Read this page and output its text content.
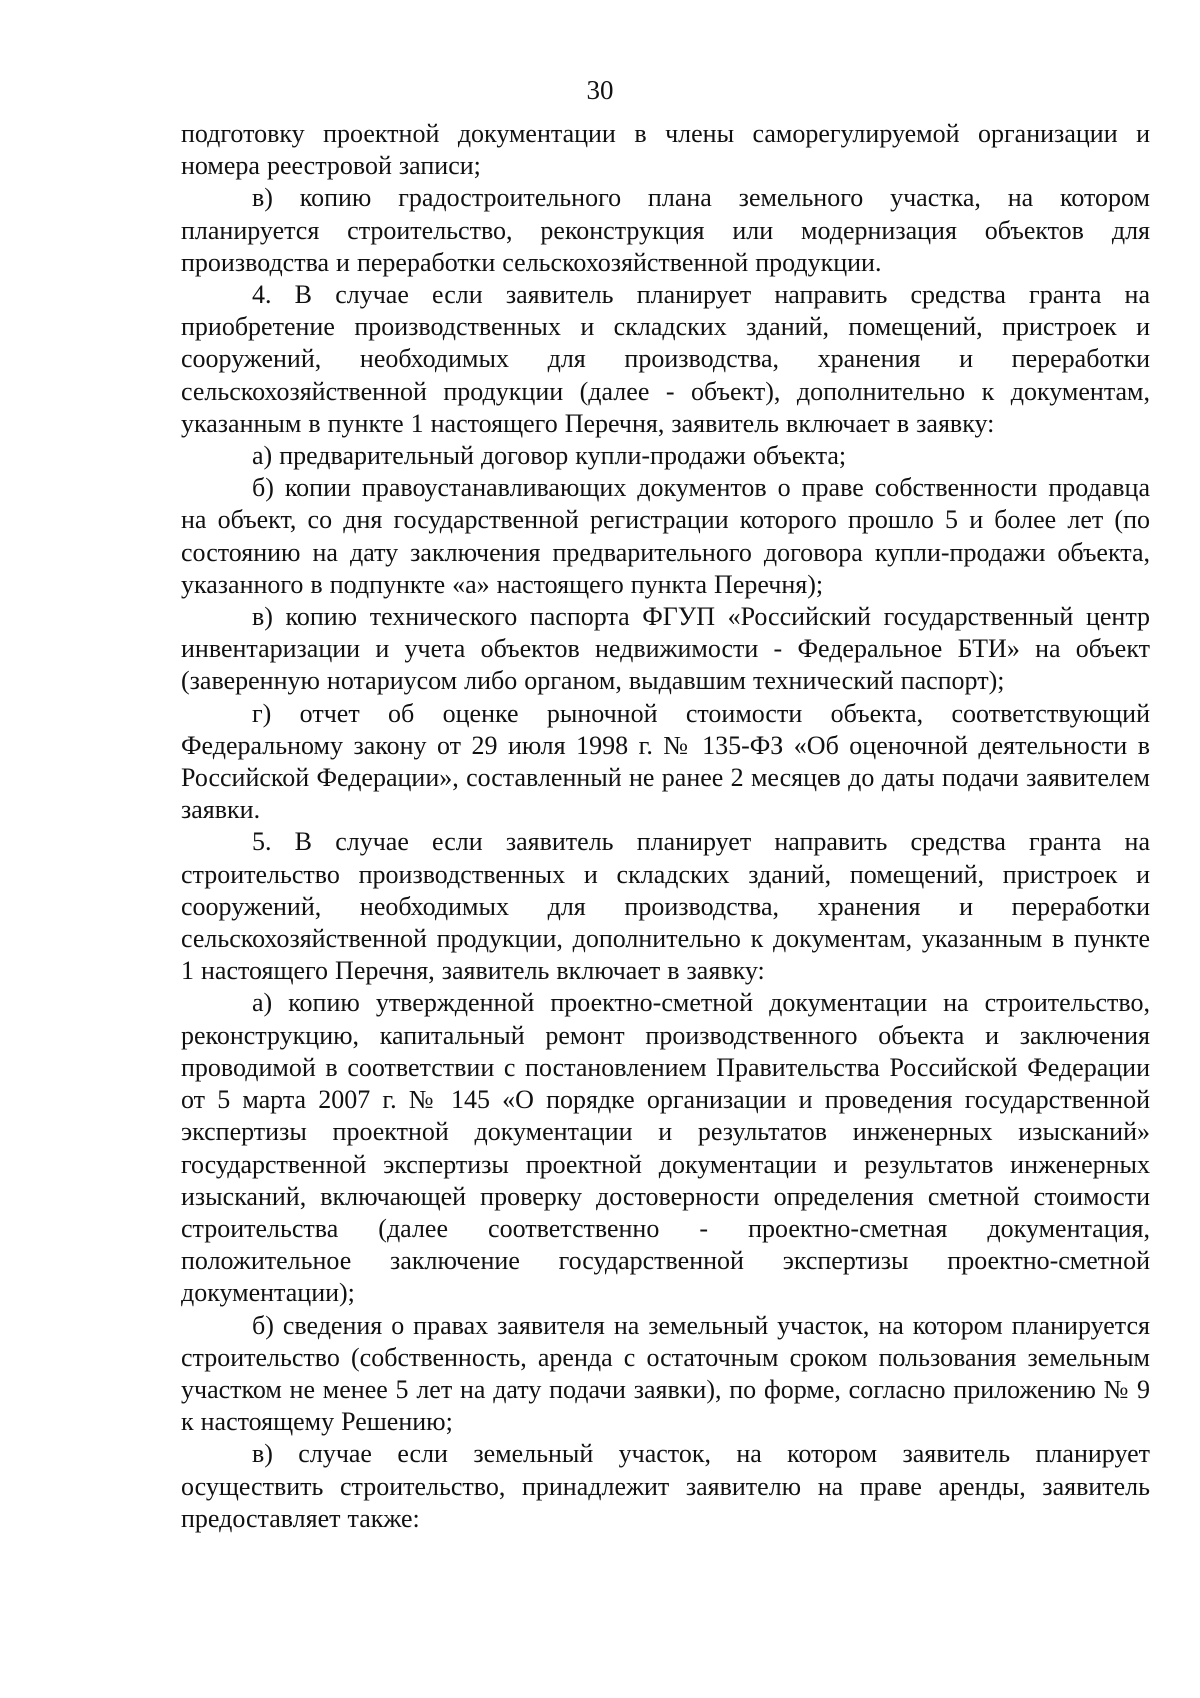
30

подготовку проектной документации в члены саморегулируемой организации и номера реестровой записи;

в) копию градостроительного плана земельного участка, на котором планируется строительство, реконструкция или модернизация объектов для производства и переработки сельскохозяйственной продукции.

4. В случае если заявитель планирует направить средства гранта на приобретение производственных и складских зданий, помещений, пристроек и сооружений, необходимых для производства, хранения и переработки сельскохозяйственной продукции (далее - объект), дополнительно к документам, указанным в пункте 1 настоящего Перечня, заявитель включает в заявку:

а) предварительный договор купли-продажи объекта;

б) копии правоустанавливающих документов о праве собственности продавца на объект, со дня государственной регистрации которого прошло 5 и более лет (по состоянию на дату заключения предварительного договора купли-продажи объекта, указанного в подпункте «а» настоящего пункта Перечня);

в) копию технического паспорта ФГУП «Российский государственный центр инвентаризации и учета объектов недвижимости - Федеральное БТИ» на объект (заверенную нотариусом либо органом, выдавшим технический паспорт);

г) отчет об оценке рыночной стоимости объекта, соответствующий Федеральному закону от 29 июля 1998 г. № 135-ФЗ «Об оценочной деятельности в Российской Федерации», составленный не ранее 2 месяцев до даты подачи заявителем заявки.

5. В случае если заявитель планирует направить средства гранта на строительство производственных и складских зданий, помещений, пристроек и сооружений, необходимых для производства, хранения и переработки сельскохозяйственной продукции, дополнительно к документам, указанным в пункте 1 настоящего Перечня, заявитель включает в заявку:

а) копию утвержденной проектно-сметной документации на строительство, реконструкцию, капитальный ремонт производственного объекта и заключения проводимой в соответствии с постановлением Правительства Российской Федерации от 5 марта 2007 г. № 145 «О порядке организации и проведения государственной экспертизы проектной документации и результатов инженерных изысканий» государственной экспертизы проектной документации и результатов инженерных изысканий, включающей проверку достоверности определения сметной стоимости строительства (далее соответственно - проектно-сметная документация, положительное заключение государственной экспертизы проектно-сметной документации);

б) сведения о правах заявителя на земельный участок, на котором планируется строительство (собственность, аренда с остаточным сроком пользования земельным участком не менее 5 лет на дату подачи заявки), по форме, согласно приложению № 9 к настоящему Решению;

в) случае если земельный участок, на котором заявитель планирует осуществить строительство, принадлежит заявителю на праве аренды, заявитель предоставляет также:
